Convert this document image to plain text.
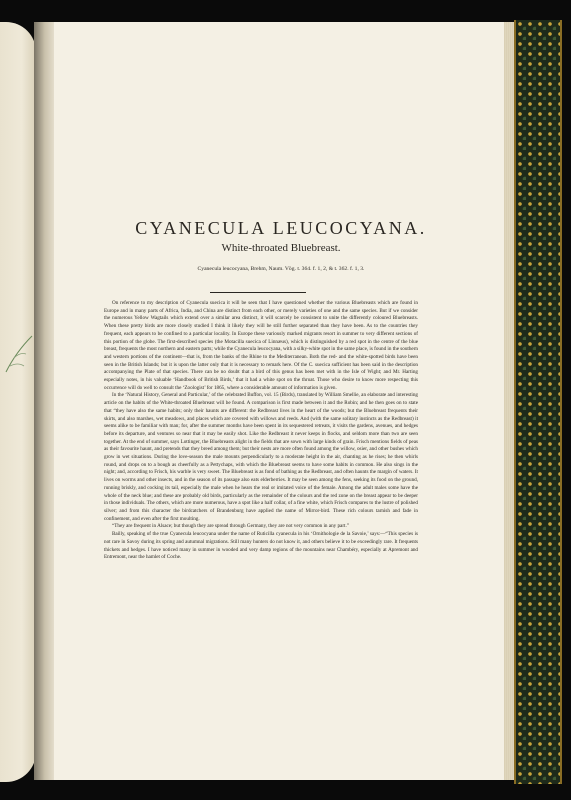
CYANECULA LEUCOCYANA.
White-throated Bluebreast.
Cyanecula leucocyana, Brehm, Naum. Vög. t. 364. f. 1, 2, & t. 362. f. 1, 3.

On reference to my description of Cyanecula suecica it will be seen that I have questioned whether the various Bluebreasts which are found in Europe and in many parts of Africa, India, and China are distinct from each other, or merely varieties of one and the same species. But if we consider the numerous Yellow Wagtails which extend over a similar area distinct, it will scarcely be consistent to unite the differently coloured Bluebreasts. When these pretty birds are more closely studied I think it likely they will be still further separated than they have been. As to the countries they frequent, each appears to be confined to a particular locality. In Europe these variously marked migrants resort in summer to very different sections of this portion of the globe. The first-described species (the Motacilla suecica of Linnæus), which is distinguished by a red spot in the centre of the blue breast, frequents the most northern and eastern parts; while the Cyanecula leucocyana, with a silky-white spot in the same place, is found in the southern and western portions of the continent—that is, from the banks of the Rhine to the Mediterranean. Both the red- and the white-spotted birds have been seen in the British Islands; but it is upon the latter only that it is necessary to remark here. Of the C. suecica sufficient has been said in the description accompanying the Plate of that species. There can be no doubt that a bird of this genus has been met with in the Isle of Wight; and Mr. Harting especially notes, in his valuable ‘Handbook of British Birds,’ that it had a white spot on the throat. Those who desire to know more respecting this occurrence will do well to consult the ‘Zoologist’ for 1865, where a considerable amount of information is given.

In the ‘Natural History, General and Particular,’ of the celebrated Buffon, vol. 15 (Birds), translated by William Smellie, an elaborate and interesting article on the habits of the White-throated Bluebreast will be found. A comparison is first made between it and the Robin; and he then goes on to state that “they have also the same habits; only their haunts are different: the Redbreast lives in the heart of the woods; but the Bluebreast frequents their skirts, and also marshes, wet meadows, and places which are covered with willows and reeds. And (with the same solitary instincts as the Redbreast) it seems alike to be familiar with man; for, after the summer months have been spent in its sequestered retreats, it visits the gardens, avenues, and hedges before its departure, and ventures so near that it may be easily shot. Like the Redbreast it never keeps in flocks, and seldom more than two are seen together. At the end of summer, says Lottinger, the Bluebreasts alight in the fields that are sown with large kinds of grain. Frisch mentions fields of peas as their favourite haunt, and pretends that they breed among them; but their nests are more often found among the willow, osier, and other bushes which grow in wet situations. During the love-season the male mounts perpendicularly to a moderate height in the air, chanting as he rises; he then whirls round, and drops on to a bough as cheerfully as a Pettychaps, with which the Bluebreast seems to have some habits in common. He also sings in the night; and, according to Frisch, his warble is very sweet. The Bluebreast is as fond of bathing as the Redbreast, and often haunts the margin of waters. It lives on worms and other insects, and in the season of its passage also eats elderberries. It may be seen among the fens, seeking its food on the ground, running briskly, and cocking its tail, especially the male when he hears the real or imitated voice of the female. Among the adult males some have the whole of the neck blue; and these are probably old birds, particularly as the remainder of the colours and the red zone on the breast appear to be deeper in those individuals. The others, which are more numerous, have a spot like a half collar, of a fine white, which Frisch compares to the lustre of polished silver; and from this character the birdcatchers of Brandenburg have applied the name of Mirror-bird. These rich colours tarnish and fade in confinement, and even after the first moulting.

“They are frequent in Alsace; but though they are spread through Germany, they are not very common in any part.”

Bailly, speaking of the true Cyanecula leucocyana under the name of Ruticilla cyanecula in his ‘Ornithologie de la Savoie,’ says:—“This species is not rare in Savoy during its spring and autumnal migrations. Still many hunters do not know it, and others believe it to be exceedingly rare. It frequents thickets and hedges. I have noticed many in summer in wooded and very damp regions of the mountains near Chambéry, especially at Apremont and Entremont, near the hamlet of Coche.
